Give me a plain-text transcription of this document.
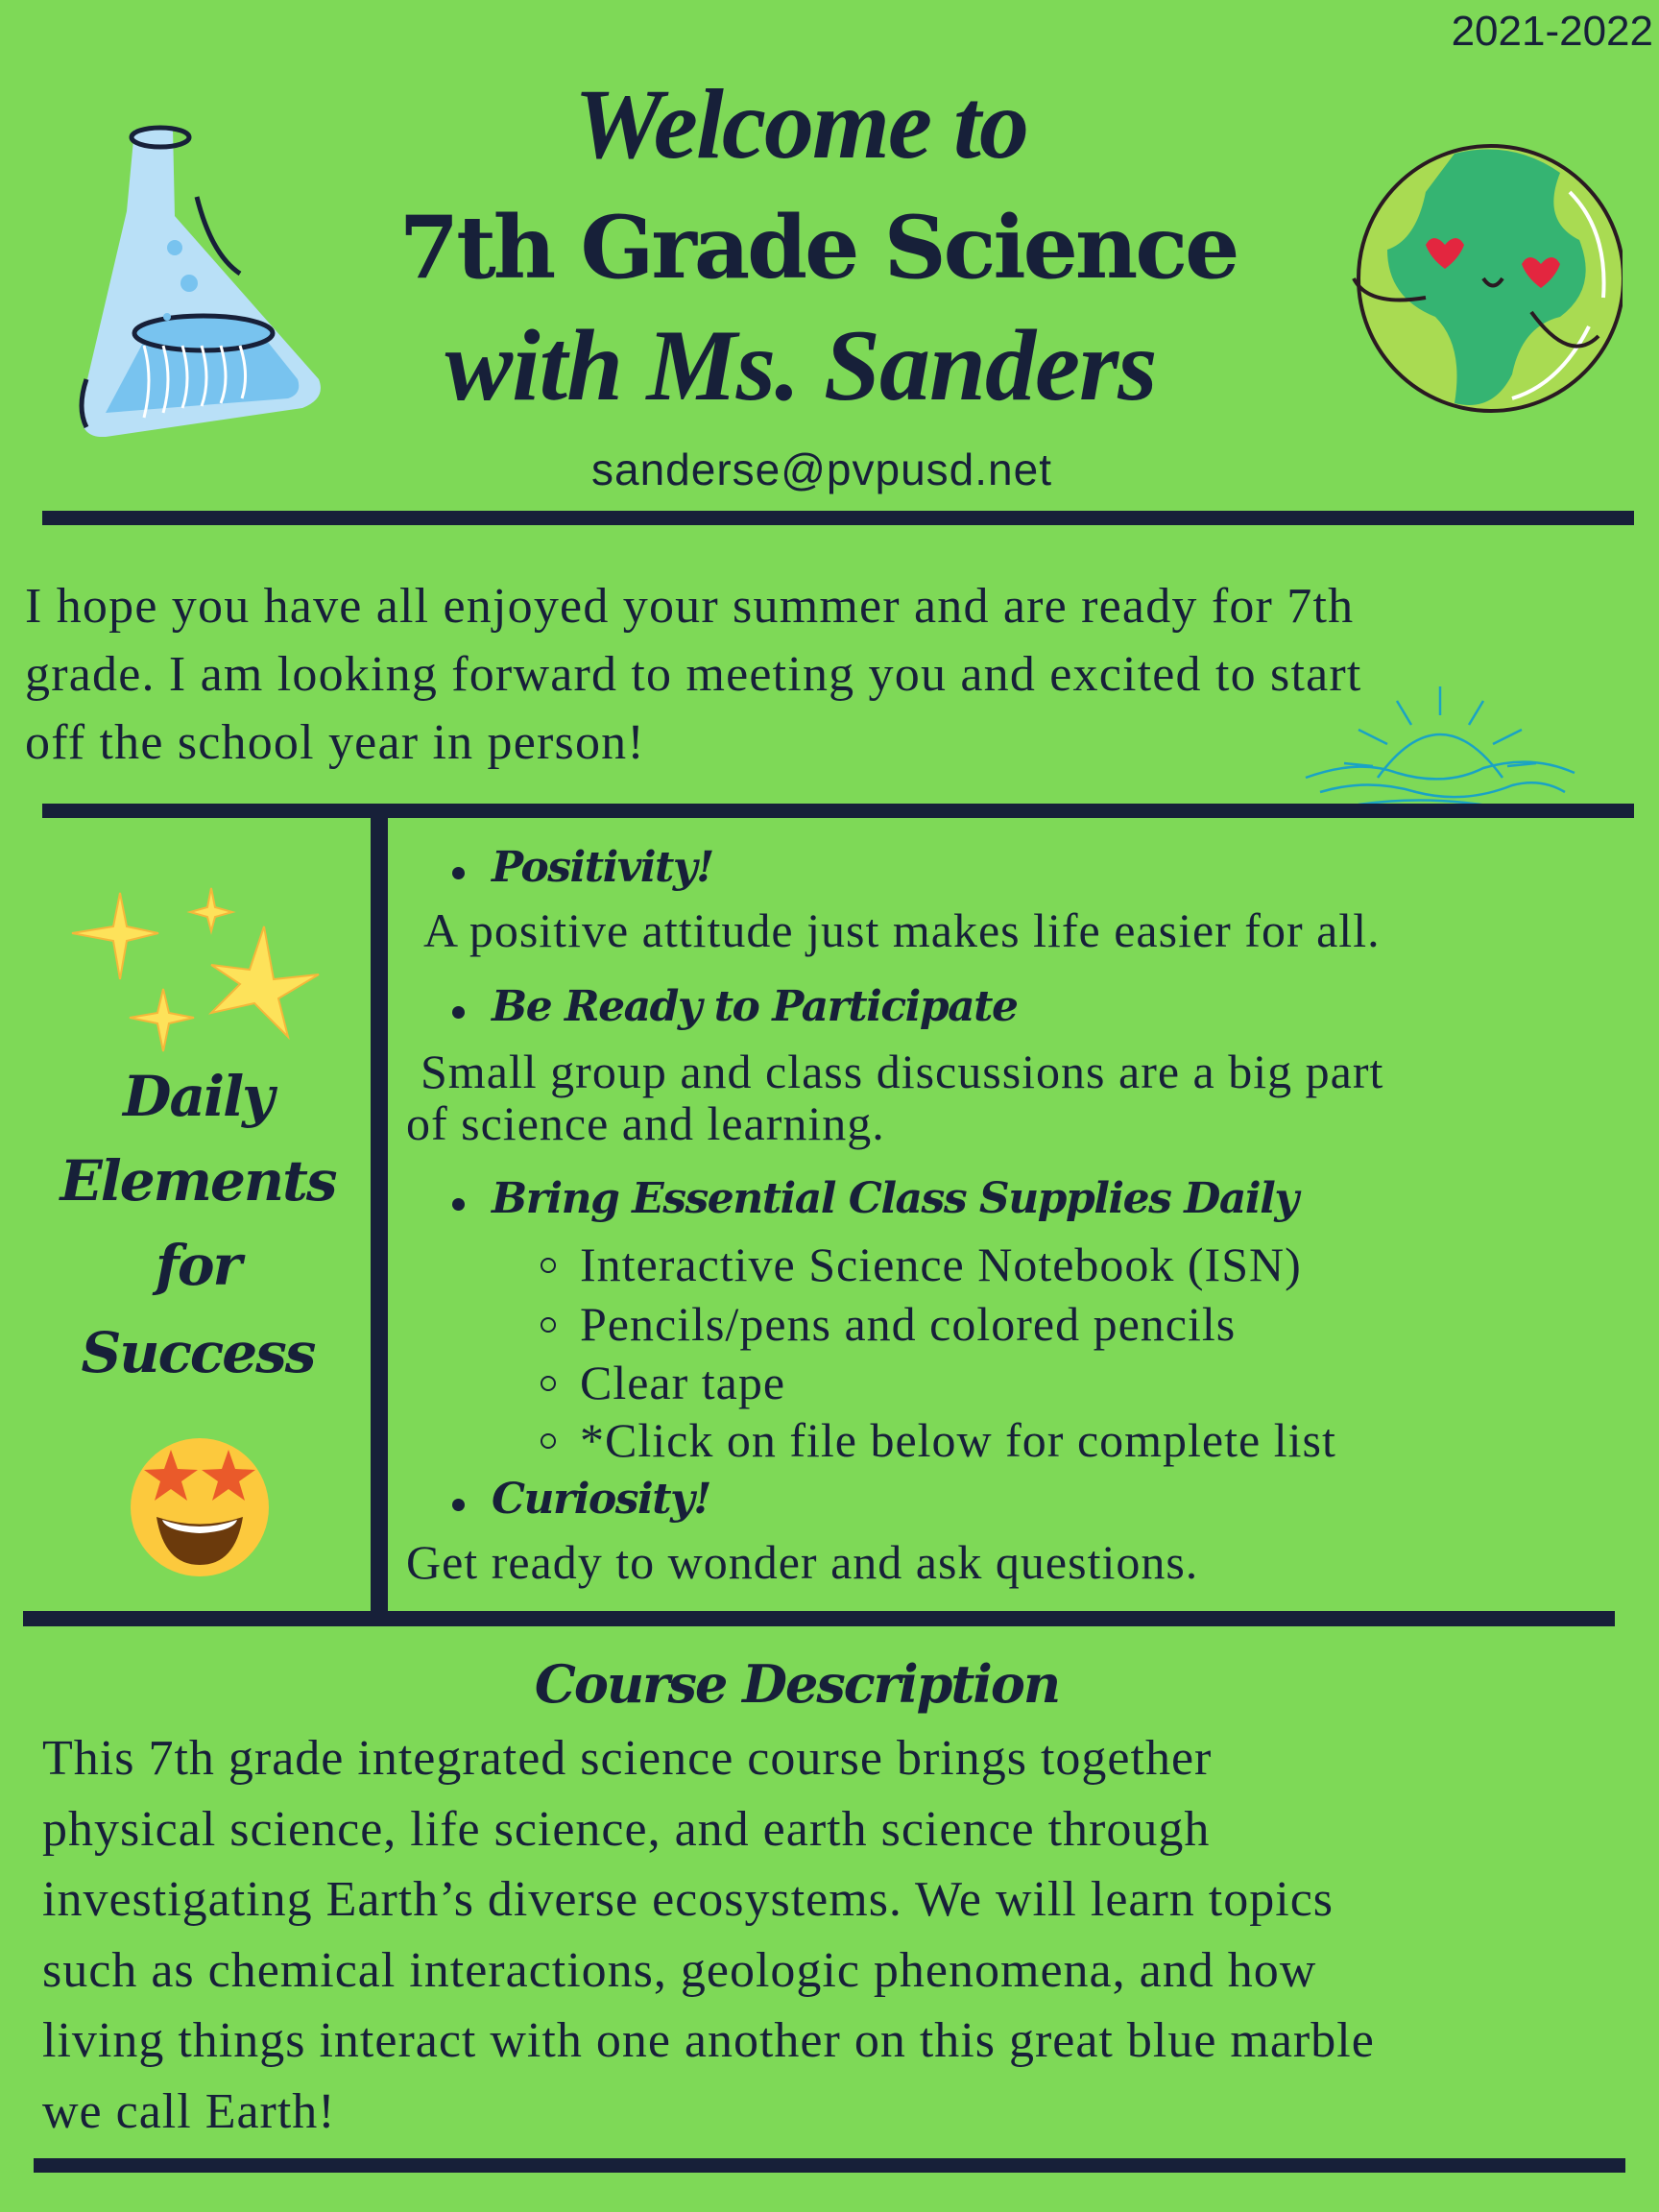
2021-2022
Welcome to
7th Grade Science
with Ms. Sanders
sanderse@pvpusd.net
I hope you have all enjoyed your summer and are ready for 7th
grade. I am looking forward to meeting you and excited to start
off the school year in person!
Daily
Elements
for
Success
Positivity!
A positive attitude just makes life easier for all.
Be Ready to Participate
Small group and class discussions are a big part
of science and learning.
Bring Essential Class Supplies Daily
Interactive Science Notebook (ISN)
Pencils/pens and colored pencils
Clear tape
*Click on file below for complete list
Curiosity!
Get ready to wonder and ask questions.
Course Description
This 7th grade integrated science course brings together
physical science, life science, and earth science through
investigating Earth’s diverse ecosystems. We will learn topics
such as chemical interactions, geologic phenomena, and how
living things interact with one another on this great blue marble
we call Earth!
